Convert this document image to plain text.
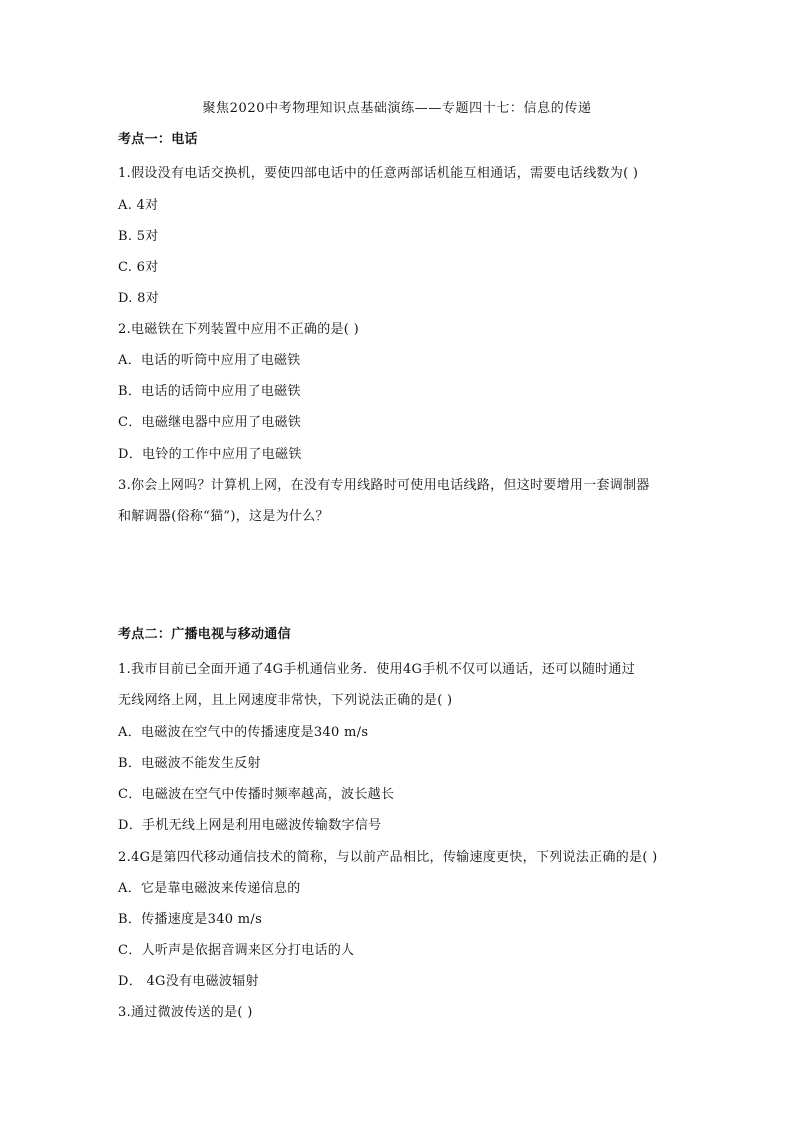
聚焦2020中考物理知识点基础演练——专题四十七：信息的传递
考点一：电话
1.假设没有电话交换机，要使四部电话中的任意两部话机能互相通话，需要电话线数为( )
A. 4对
B. 5对
C. 6对
D. 8对
2.电磁铁在下列装置中应用不正确的是( )
A．电话的听筒中应用了电磁铁
B．电话的话筒中应用了电磁铁
C．电磁继电器中应用了电磁铁
D．电铃的工作中应用了电磁铁
3.你会上网吗？计算机上网，在没有专用线路时可使用电话线路，但这时要增用一套调制器
和解调器(俗称“猫”)，这是为什么？
考点二：广播电视与移动通信
1.我市目前已全面开通了4G手机通信业务．使用4G手机不仅可以通话，还可以随时通过
无线网络上网，且上网速度非常快，下列说法正确的是( )
A．电磁波在空气中的传播速度是340 m/s
B．电磁波不能发生反射
C．电磁波在空气中传播时频率越高，波长越长
D．手机无线上网是利用电磁波传输数字信号
2.4G是第四代移动通信技术的简称，与以前产品相比，传输速度更快，下列说法正确的是( )
A．它是靠电磁波来传递信息的
B．传播速度是340 m/s
C．人听声是依据音调来区分打电话的人
D． 4G没有电磁波辐射
3.通过微波传送的是( )
